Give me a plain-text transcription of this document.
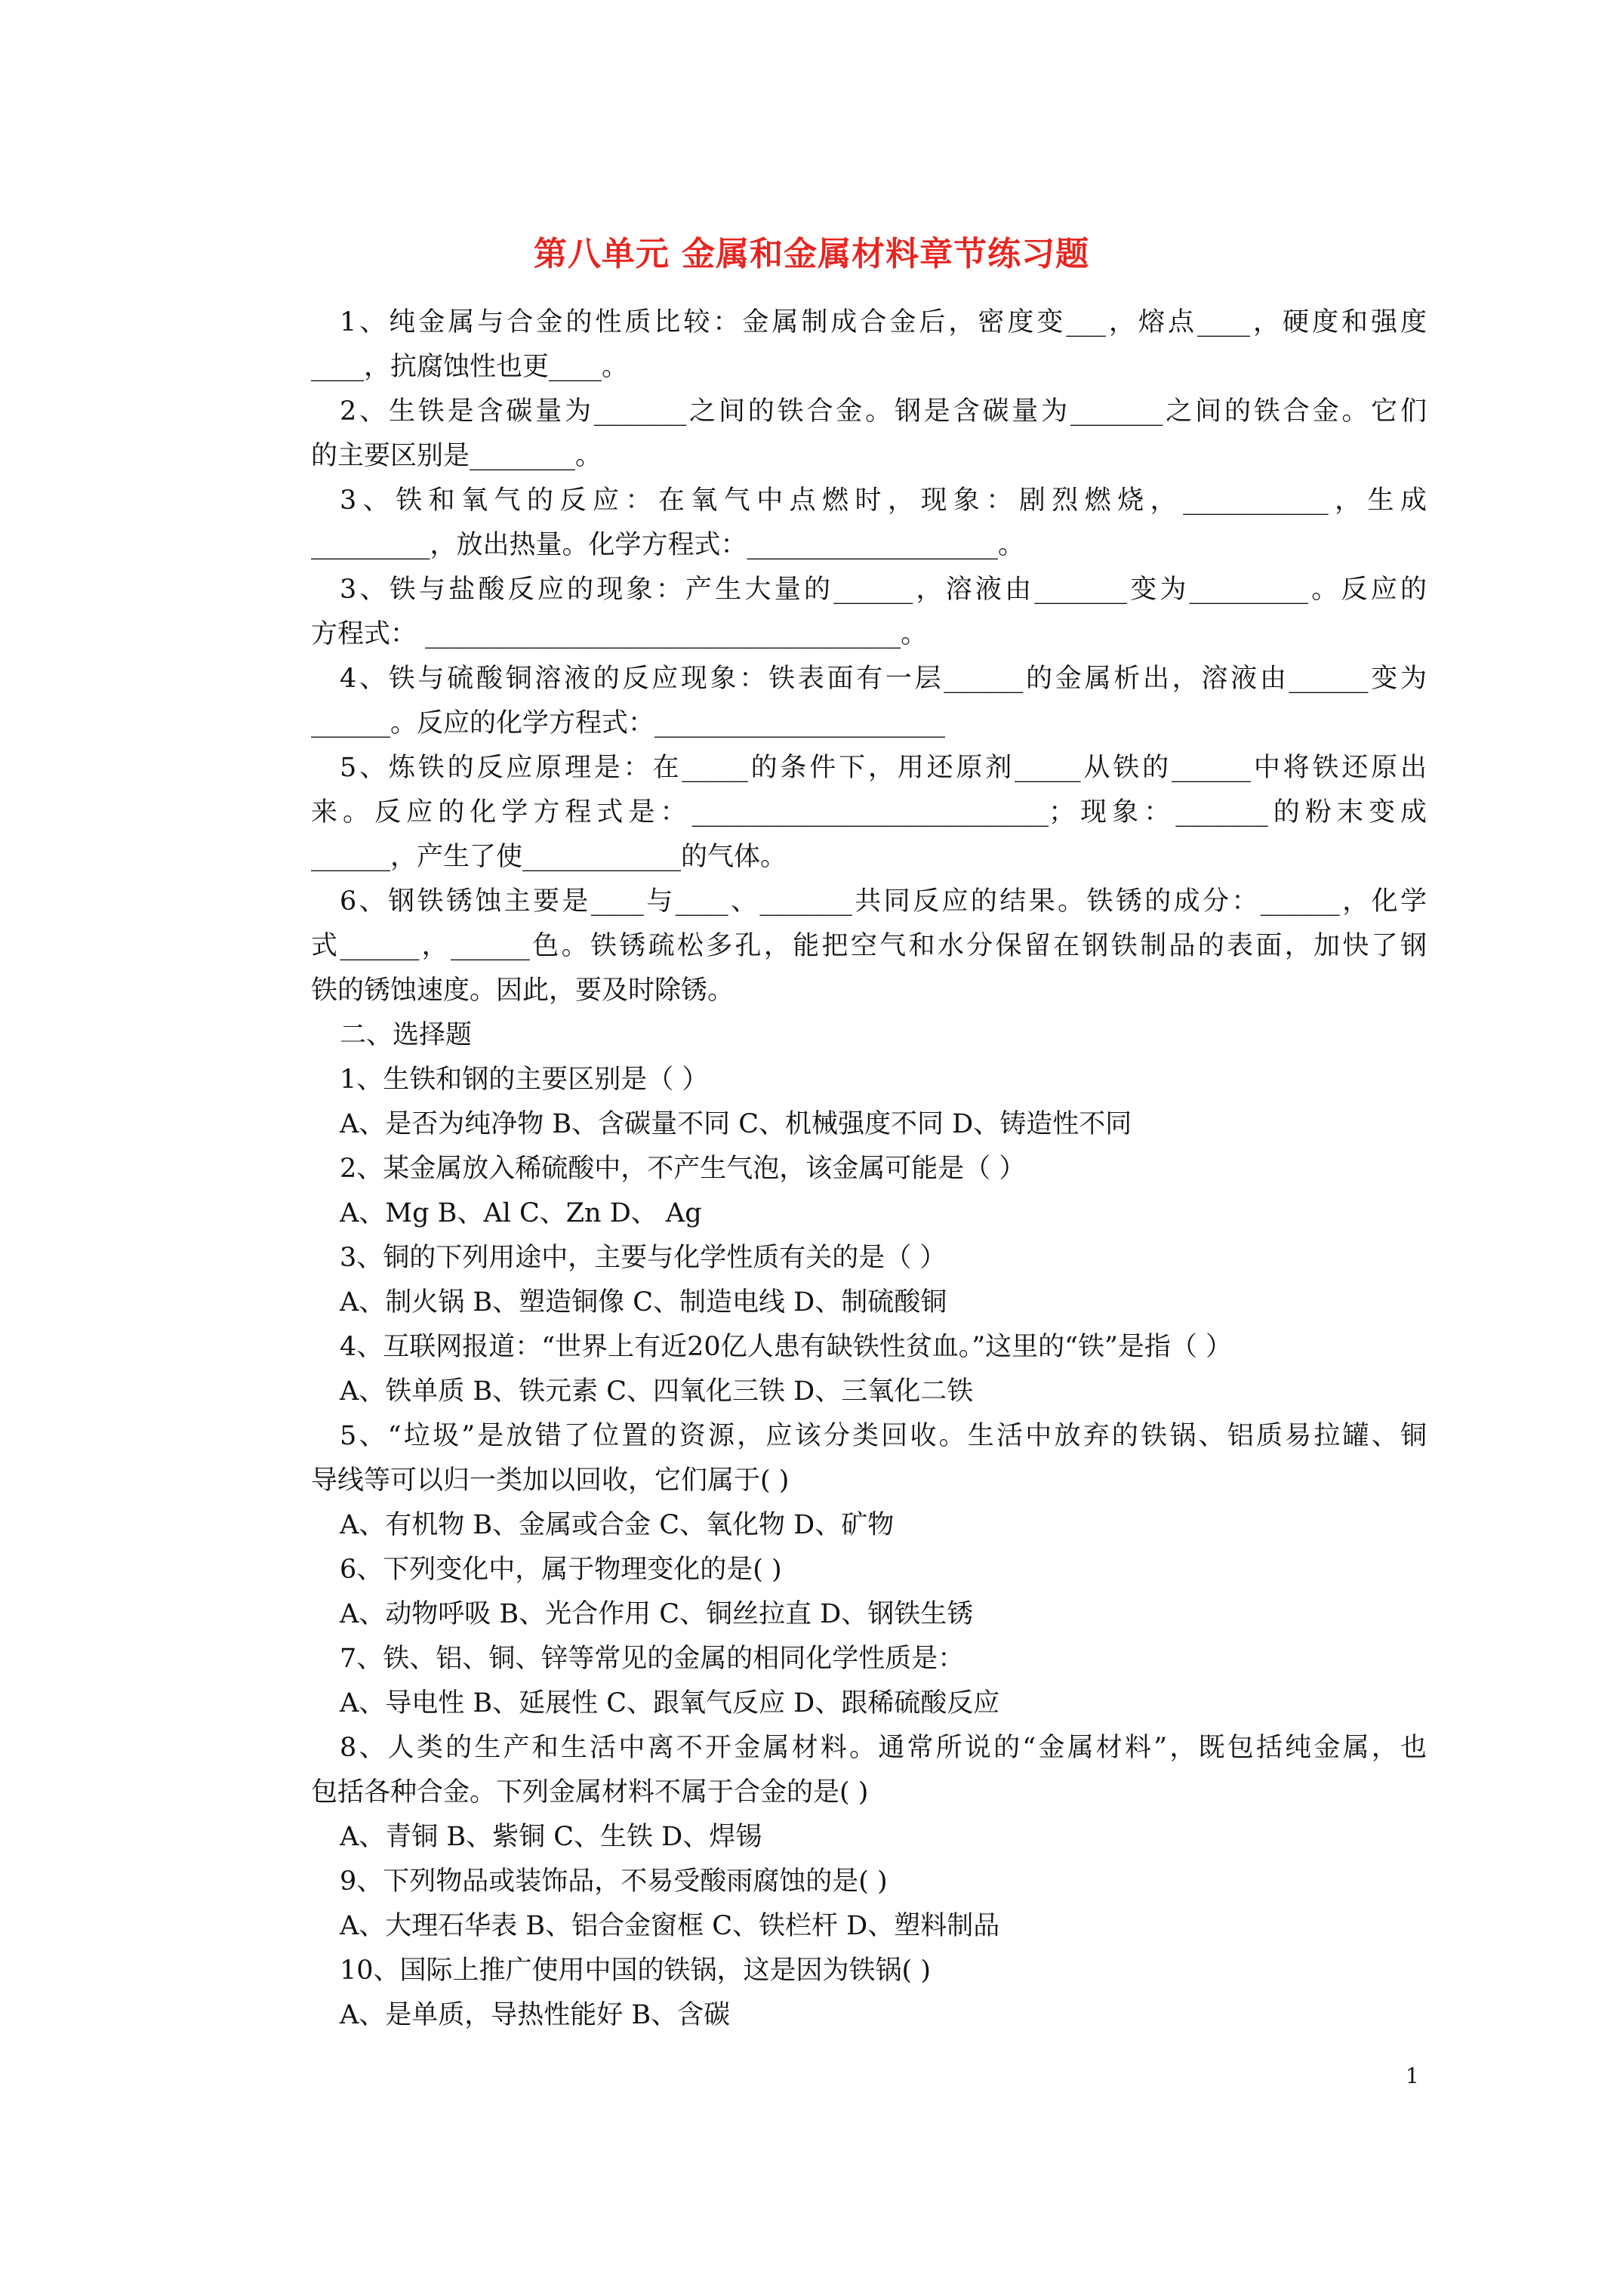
第八单元 金属和金属材料章节练习题
1、纯金属与合金的性质比较：金属制成合金后，密度变___，熔点____，硬度和强度
____，抗腐蚀性也更____。
2、生铁是含碳量为_______之间的铁合金。钢是含碳量为_______之间的铁合金。它们
的主要区别是________。
3、铁和氧气的反应：在氧气中点燃时，现象：剧烈燃烧，___________，生成
_________，放出热量。化学方程式：___________________。
3、铁与盐酸反应的现象：产生大量的______，溶液由_______变为_________。反应的
方程式： ____________________________________。
4、铁与硫酸铜溶液的反应现象：铁表面有一层______的金属析出，溶液由______变为
______。反应的化学方程式：______________________
5、炼铁的反应原理是：在_____的条件下，用还原剂_____从铁的______中将铁还原出
来。反应的化学方程式是：___________________________；现象：_______的粉末变成
______，产生了使____________的气体。
6、钢铁锈蚀主要是____与____、_______共同反应的结果。铁锈的成分：______，化学
式______，______色。铁锈疏松多孔，能把空气和水分保留在钢铁制品的表面，加快了钢
铁的锈蚀速度。因此，要及时除锈。
二、选择题
1、生铁和钢的主要区别是（ ）
A、是否为纯净物 B、含碳量不同 C、机械强度不同 D、铸造性不同
2、某金属放入稀硫酸中，不产生气泡，该金属可能是（ ）
A、Mg B、Al C、Zn D、 Ag
3、铜的下列用途中，主要与化学性质有关的是（ ）
A、制火锅 B、塑造铜像 C、制造电线 D、制硫酸铜
4、互联网报道：“世界上有近20亿人患有缺铁性贫血。”这里的“铁”是指（ ）
A、铁单质 B、铁元素 C、四氧化三铁 D、三氧化二铁
5、“垃圾”是放错了位置的资源，应该分类回收。生活中放弃的铁锅、铝质易拉罐、铜
导线等可以归一类加以回收，它们属于( )
A、有机物 B、金属或合金 C、氧化物 D、矿物
6、下列变化中，属于物理变化的是( )
A、动物呼吸 B、光合作用 C、铜丝拉直 D、钢铁生锈
7、铁、铝、铜、锌等常见的金属的相同化学性质是：
A、导电性 B、延展性 C、跟氧气反应 D、跟稀硫酸反应
8、人类的生产和生活中离不开金属材料。通常所说的“金属材料”，既包括纯金属，也
包括各种合金。下列金属材料不属于合金的是( )
A、青铜 B、紫铜 C、生铁 D、焊锡
9、下列物品或装饰品，不易受酸雨腐蚀的是( )
A、大理石华表 B、铝合金窗框 C、铁栏杆 D、塑料制品
10、国际上推广使用中国的铁锅，这是因为铁锅( )
A、是单质，导热性能好 B、含碳
1
